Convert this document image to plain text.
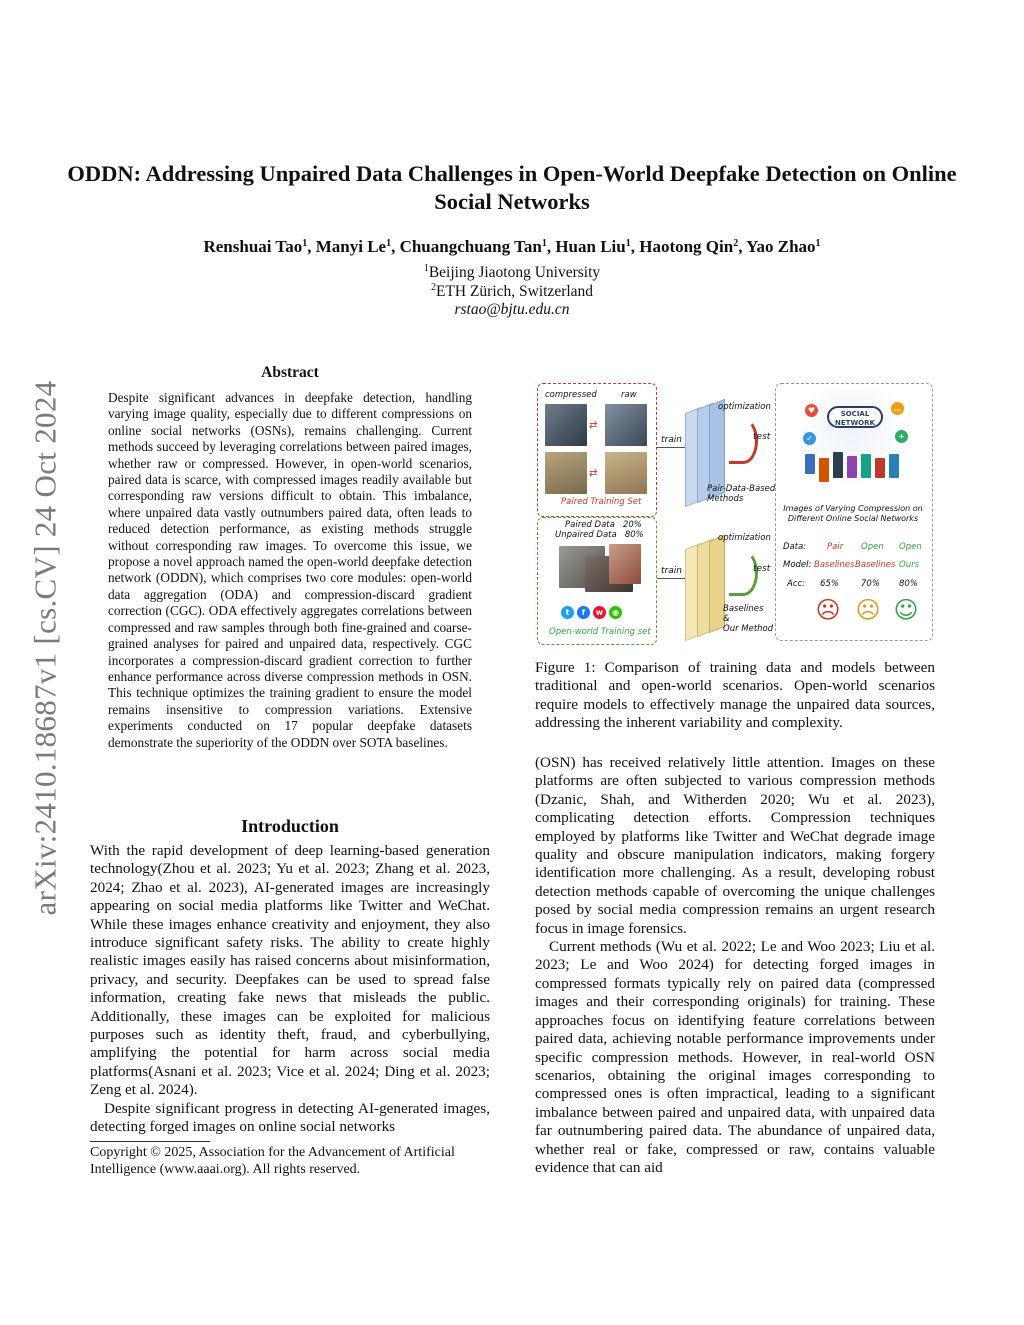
arXiv:2410.18687v1 [cs.CV] 24 Oct 2024
ODDN: Addressing Unpaired Data Challenges in Open-World Deepfake Detection on Online Social Networks
Renshuai Tao$^1$, Manyi Le$^1$, Chuangchuang Tan$^1$, Huan Liu$^1$, Haotong Qin$^2$, Yao Zhao$^1$
$^1$Beijing Jiaotong University
$^2$ETH Zürich, Switzerland
rstao@bjtu.edu.cn
Abstract
Despite significant advances in deepfake detection, handling varying image quality, especially due to different compressions on online social networks (OSNs), remains challenging. Current methods succeed by leveraging correlations between paired images, whether raw or compressed. However, in open-world scenarios, paired data is scarce, with compressed images readily available but corresponding raw versions difficult to obtain. This imbalance, where unpaired data vastly outnumbers paired data, often leads to reduced detection performance, as existing methods struggle without corresponding raw images. To overcome this issue, we propose a novel approach named the open-world deepfake detection network (ODDN), which comprises two core modules: open-world data aggregation (ODA) and compression-discard gradient correction (CGC). ODA effectively aggregates correlations between compressed and raw samples through both fine-grained and coarse-grained analyses for paired and unpaired data, respectively. CGC incorporates a compression-discard gradient correction to further enhance performance across diverse compression methods in OSN. This technique optimizes the training gradient to ensure the model remains insensitive to compression variations. Extensive experiments conducted on 17 popular deepfake datasets demonstrate the superiority of the ODDN over SOTA baselines.
Introduction

With the rapid development of deep learning-based generation technology(Zhou et al. 2023; Yu et al. 2023; Zhang et al. 2023, 2024; Zhao et al. 2023), AI-generated images are increasingly appearing on social media platforms like Twitter and WeChat. While these images enhance creativity and enjoyment, they also introduce significant safety risks. The ability to create highly realistic images easily has raised concerns about misinformation, privacy, and security. Deepfakes can be used to spread false information, creating fake news that misleads the public. Additionally, these images can be exploited for malicious purposes such as identity theft, fraud, and cyberbullying, amplifying the potential for harm across social media platforms(Asnani et al. 2023; Vice et al. 2024; Ding et al. 2023; Zeng et al. 2024).

Despite significant progress in detecting AI-generated images, detecting forged images on online social networks

Copyright © 2025, Association for the Advancement of Artificial Intelligence (www.aaai.org). All rights reserved.
compressed	raw
⇄
⇄
Paired Training Set
Paired Data 20%
Unpaired Data 80%
t	f	w	◉
Open-world Training set
train
optimization
test
Pair-Data-Based
Methods
train
optimization
test
Baselines
&
Our Method
SOCIAL NETWORK
♥	…
✓	+
Images of Varying Compression on
Different Online Social Networks
Data:
Model:
Acc:
Pair Open Open
Baselines Baselines Ours
65%	70% 80%
☹ ☹ ☺
Figure 1: Comparison of training data and models between traditional and open-world scenarios. Open-world scenarios require models to effectively manage the unpaired data sources, addressing the inherent variability and complexity.

(OSN) has received relatively little attention. Images on these platforms are often subjected to various compression methods (Dzanic, Shah, and Witherden 2020; Wu et al. 2023), complicating detection efforts. Compression techniques employed by platforms like Twitter and WeChat degrade image quality and obscure manipulation indicators, making forgery identification more challenging. As a result, developing robust detection methods capable of overcoming the unique challenges posed by social media compression remains an urgent research focus in image forensics.

Current methods (Wu et al. 2022; Le and Woo 2023; Liu et al. 2023; Le and Woo 2024) for detecting forged images in compressed formats typically rely on paired data (compressed images and their corresponding originals) for training. These approaches focus on identifying feature correlations between paired data, achieving notable performance improvements under specific compression methods. However, in real-world OSN scenarios, obtaining the original images corresponding to compressed ones is often impractical, leading to a significant imbalance between paired and unpaired data, with unpaired data far outnumbering paired data. The abundance of unpaired data, whether real or fake, compressed or raw, contains valuable evidence that can aid
